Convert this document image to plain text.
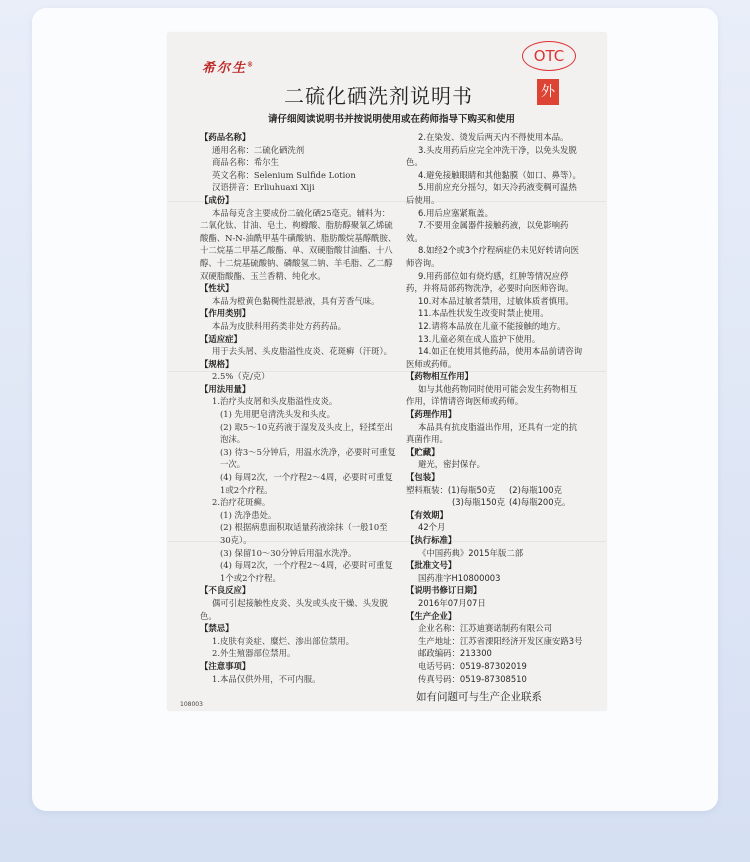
希尔生®
OTC
外
二硫化硒洗剂说明书
请仔细阅读说明书并按说明使用或在药师指导下购买和使用
【药品名称】
通用名称：二硫化硒洗剂
商品名称：希尔生
英文名称：Selenium Sulfide Lotion
汉语拼音：Erliuhuaxi Xiji
【成份】
本品每克含主要成份二硫化硒25毫克。辅料为：二氧化钛、甘油、皂土、枸橼酸、脂肪醇聚氧乙烯硫酸酯、N-N-油酰甲基牛磺酸钠、脂肪酸烷基醇酰胺、十二烷基二甲基乙酸酯、单、双硬脂酸甘油酯、十八醇、十二烷基硫酸钠、磷酸氢二钠、羊毛脂、乙二醇双硬脂酸酯、玉兰香精、纯化水。
【性状】
本品为橙黄色黏稠性混悬液，具有芳香气味。
【作用类别】
本品为皮肤科用药类非处方药药品。
【适应症】
用于去头屑、头皮脂溢性皮炎、花斑癣（汗斑）。
【规格】
2.5%（克/克）
【用法用量】
1.治疗头皮屑和头皮脂溢性皮炎。
(1) 先用肥皂清洗头发和头皮。
(2) 取5～10克药液于湿发及头皮上，轻揉至出泡沫。
(3) 待3～5分钟后，用温水洗净，必要时可重复一次。
(4) 每周2次，一个疗程2～4周，必要时可重复1或2个疗程。
2.治疗花斑癣。
(1) 洗净患处。
(2) 根据病患面积取适量药液涂抹（一般10至30克）。
(3) 保留10～30分钟后用温水洗净。
(4) 每周2次，一个疗程2～4周，必要时可重复1个或2个疗程。
【不良反应】
偶可引起接触性皮炎、头发或头皮干燥、头发脱色。
【禁忌】
1.皮肤有炎症、糜烂、渗出部位禁用。
2.外生殖器部位禁用。
【注意事项】
1.本品仅供外用，不可内服。
2.在染发、烫发后两天内不得使用本品。
3.头皮用药后应完全冲洗干净，以免头发脱色。
4.避免接触眼睛和其他黏膜（如口、鼻等）。
5.用前应充分摇匀，如天冷药液变稠可温热后使用。
6.用后应塞紧瓶盖。
7.不要用金属器件接触药液，以免影响药效。
8.如经2个或3个疗程病症仍未见好转请向医师咨询。
9.用药部位如有烧灼感，红肿等情况应停药，并将局部药物洗净，必要时向医师咨询。
10.对本品过敏者禁用，过敏体质者慎用。
11.本品性状发生改变时禁止使用。
12.请将本品放在儿童不能接触的地方。
13.儿童必须在成人监护下使用。
14.如正在使用其他药品，使用本品前请咨询医师或药师。
【药物相互作用】
如与其他药物同时使用可能会发生药物相互作用，详情请咨询医师或药师。
【药理作用】
本品具有抗皮脂溢出作用，还具有一定的抗真菌作用。
【贮藏】
避光，密封保存。
【包装】
塑料瓶装：(1)每瓶50克	(2)每瓶100克
(3)每瓶150克	(4)每瓶200克。
【有效期】
42个月
【执行标准】
《中国药典》2015年版二部
【批准文号】
国药准字H10800003
【说明书修订日期】
2016年07月07日
【生产企业】
企业名称：江苏迪赛诺制药有限公司
生产地址：江苏省溧阳经济开发区康安路3号
邮政编码：213300
电话号码：0519-87302019
传真号码：0519-87308510
如有问题可与生产企业联系
108003
